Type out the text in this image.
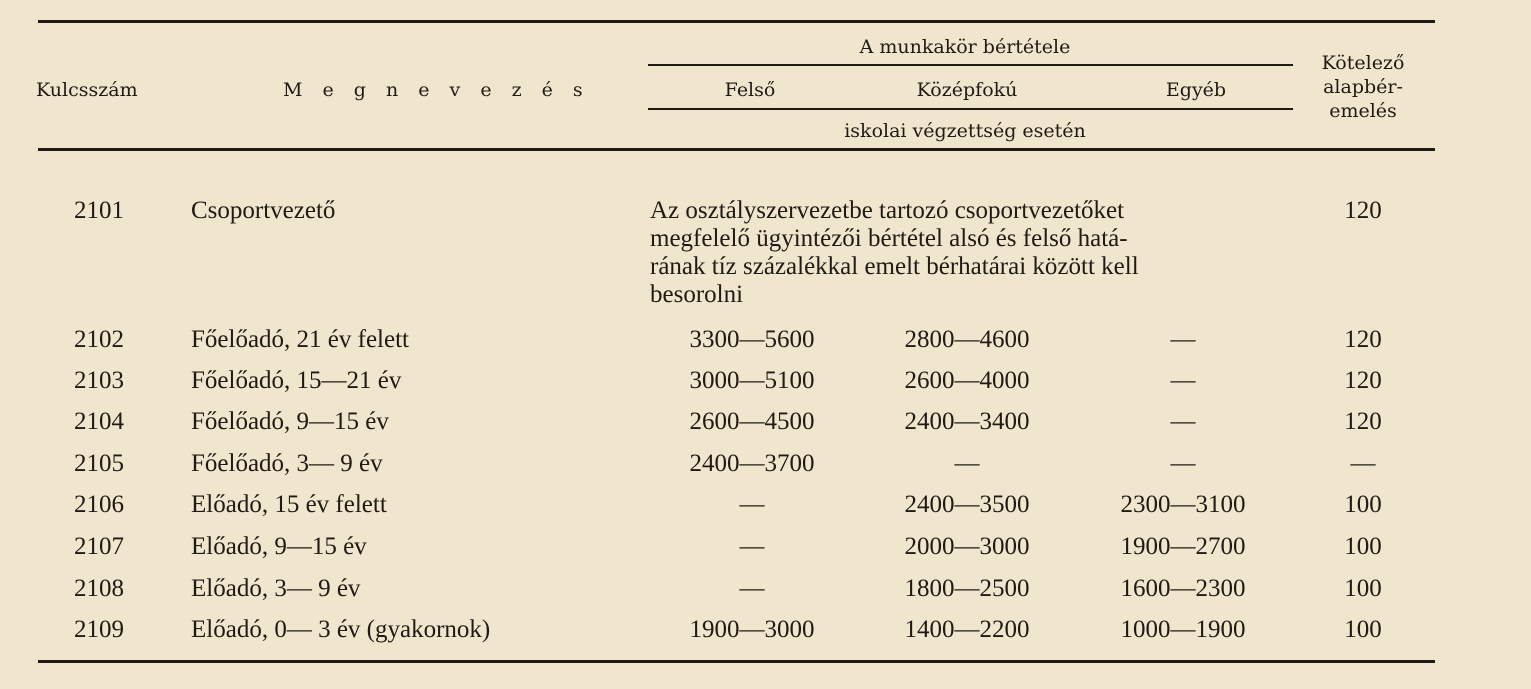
Kulcsszám	M e g n e v e z é s
A munkakör bértétele
Felső	Középfokú	Egyéb
iskolai végzettség esetén
Kötelező
alapbér-
emelés
2101	Csoportvezető	Az osztályszervezetbe tartozó csoportvezetőket
megfelelő ügyintézői bértétel alsó és felső hatá-
rának tíz százalékkal emelt bérhatárai között kell
besorolni
120
2102	Főelőadó, 21 év felett	3300—5600	2800—4600	—	120
2103	Főelőadó, 15—21 év	3000—5100	2600—4000	—	120
2104	Főelőadó, 9—15 év	2600—4500	2400—3400	—	120
2105	Főelőadó, 3— 9 év	2400—3700	—	—	—
2106	Előadó, 15 év felett	—	2400—3500	2300—3100	100
2107	Előadó, 9—15 év	—	2000—3000	1900—2700	100
2108	Előadó, 3— 9 év	—	1800—2500	1600—2300	100
2109	Előadó, 0— 3 év (gyakornok)	1900—3000	1400—2200	1000—1900	100
